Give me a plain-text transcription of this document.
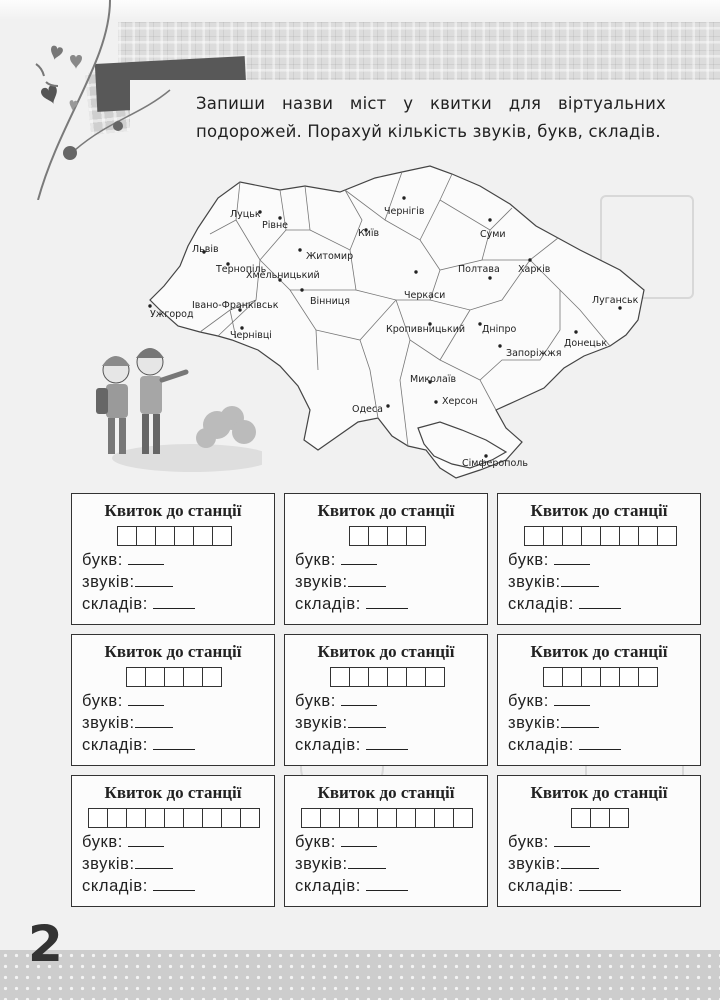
Запиши назви міст у квитки для віртуальних подорожей. Порахуй кількість звуків, букв, складів.

Луцьк
Рівне
Львів
Тернопіль
Хмельницький
Житомир
Київ
Чернігів
Суми
Полтава Харків
Луганськ
Ужгород
Івано-Франківськ
Чернівці
Вінниця
Черкаси
Кропивницький Дніпро
Донецьк
Запоріжжя
Миколаїв
Одеса
Херсон
Сімферополь
2
Квиток до станції
букв:
звуків:
складів:
Квиток до станції
букв:
звуків:
складів:
Квиток до станції
букв:
звуків:
складів:
Квиток до станції
букв:
звуків:
складів:
Квиток до станції
букв:
звуків:
складів:
Квиток до станції
букв:
звуків:
складів:
Квиток до станції
букв:
звуків:
складів:
Квиток до станції
букв:
звуків:
складів:
Квиток до станції
букв:
звуків:
складів:
